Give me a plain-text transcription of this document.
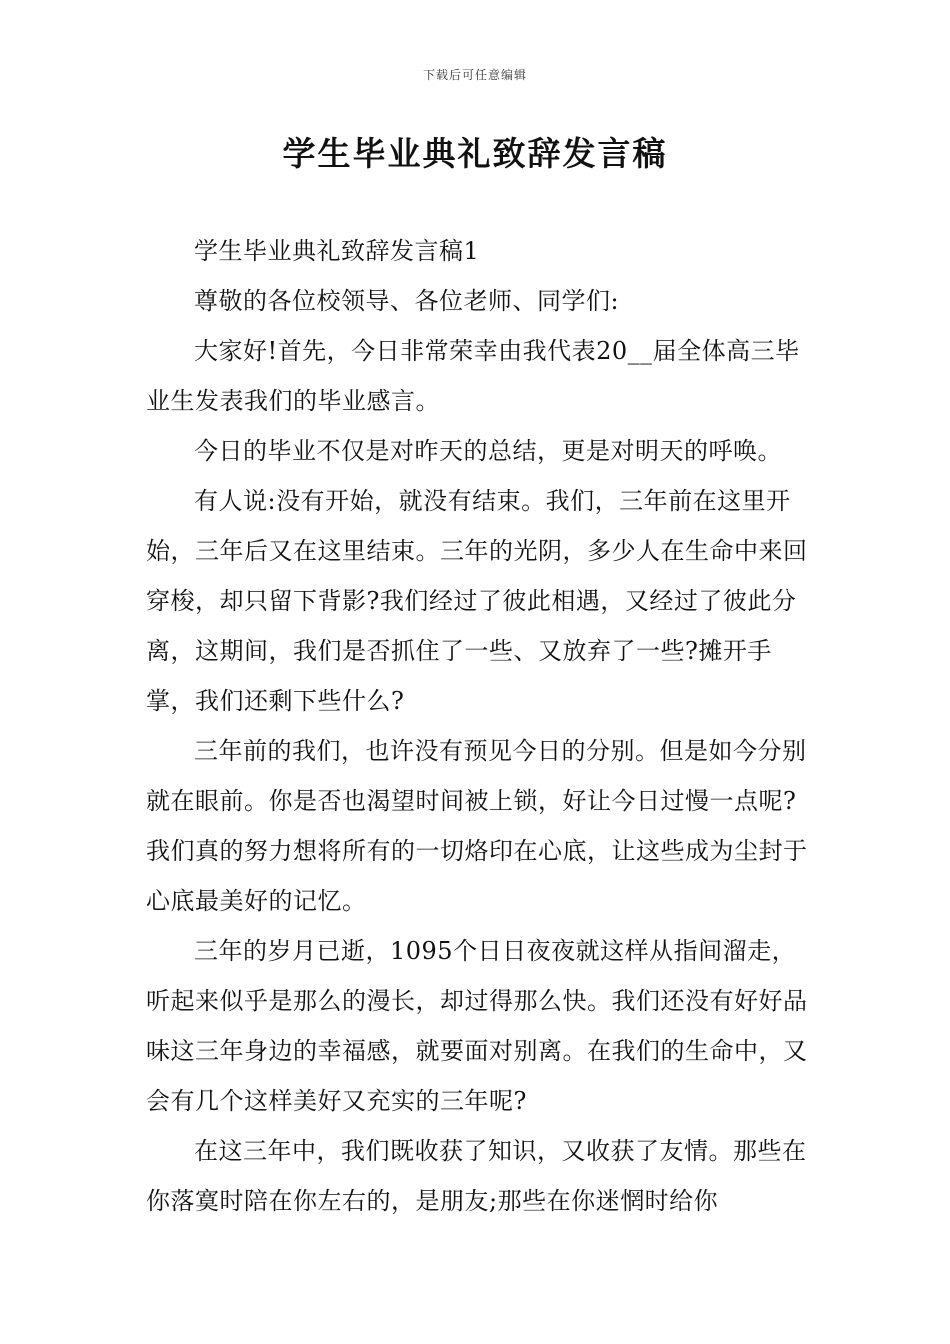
下载后可任意编辑
学生毕业典礼致辞发言稿

学生毕业典礼致辞发言稿1

尊敬的各位校领导、各位老师、同学们:

大家好!首先，今日非常荣幸由我代表20__届全体高三毕业生发表我们的毕业感言。

今日的毕业不仅是对昨天的总结，更是对明天的呼唤。

有人说:没有开始，就没有结束。我们，三年前在这里开始，三年后又在这里结束。三年的光阴，多少人在生命中来回穿梭，却只留下背影?我们经过了彼此相遇，又经过了彼此分离，这期间，我们是否抓住了一些、又放弃了一些?摊开手掌，我们还剩下些什么?

三年前的我们，也许没有预见今日的分别。但是如今分别就在眼前。你是否也渴望时间被上锁，好让今日过慢一点呢?我们真的努力想将所有的一切烙印在心底，让这些成为尘封于心底最美好的记忆。

三年的岁月已逝，1095个日日夜夜就这样从指间溜走，听起来似乎是那么的漫长，却过得那么快。我们还没有好好品味这三年身边的幸福感，就要面对别离。在我们的生命中，又会有几个这样美好又充实的三年呢?

在这三年中，我们既收获了知识，又收获了友情。那些在你落寞时陪在你左右的，是朋友;那些在你迷惘时给你
